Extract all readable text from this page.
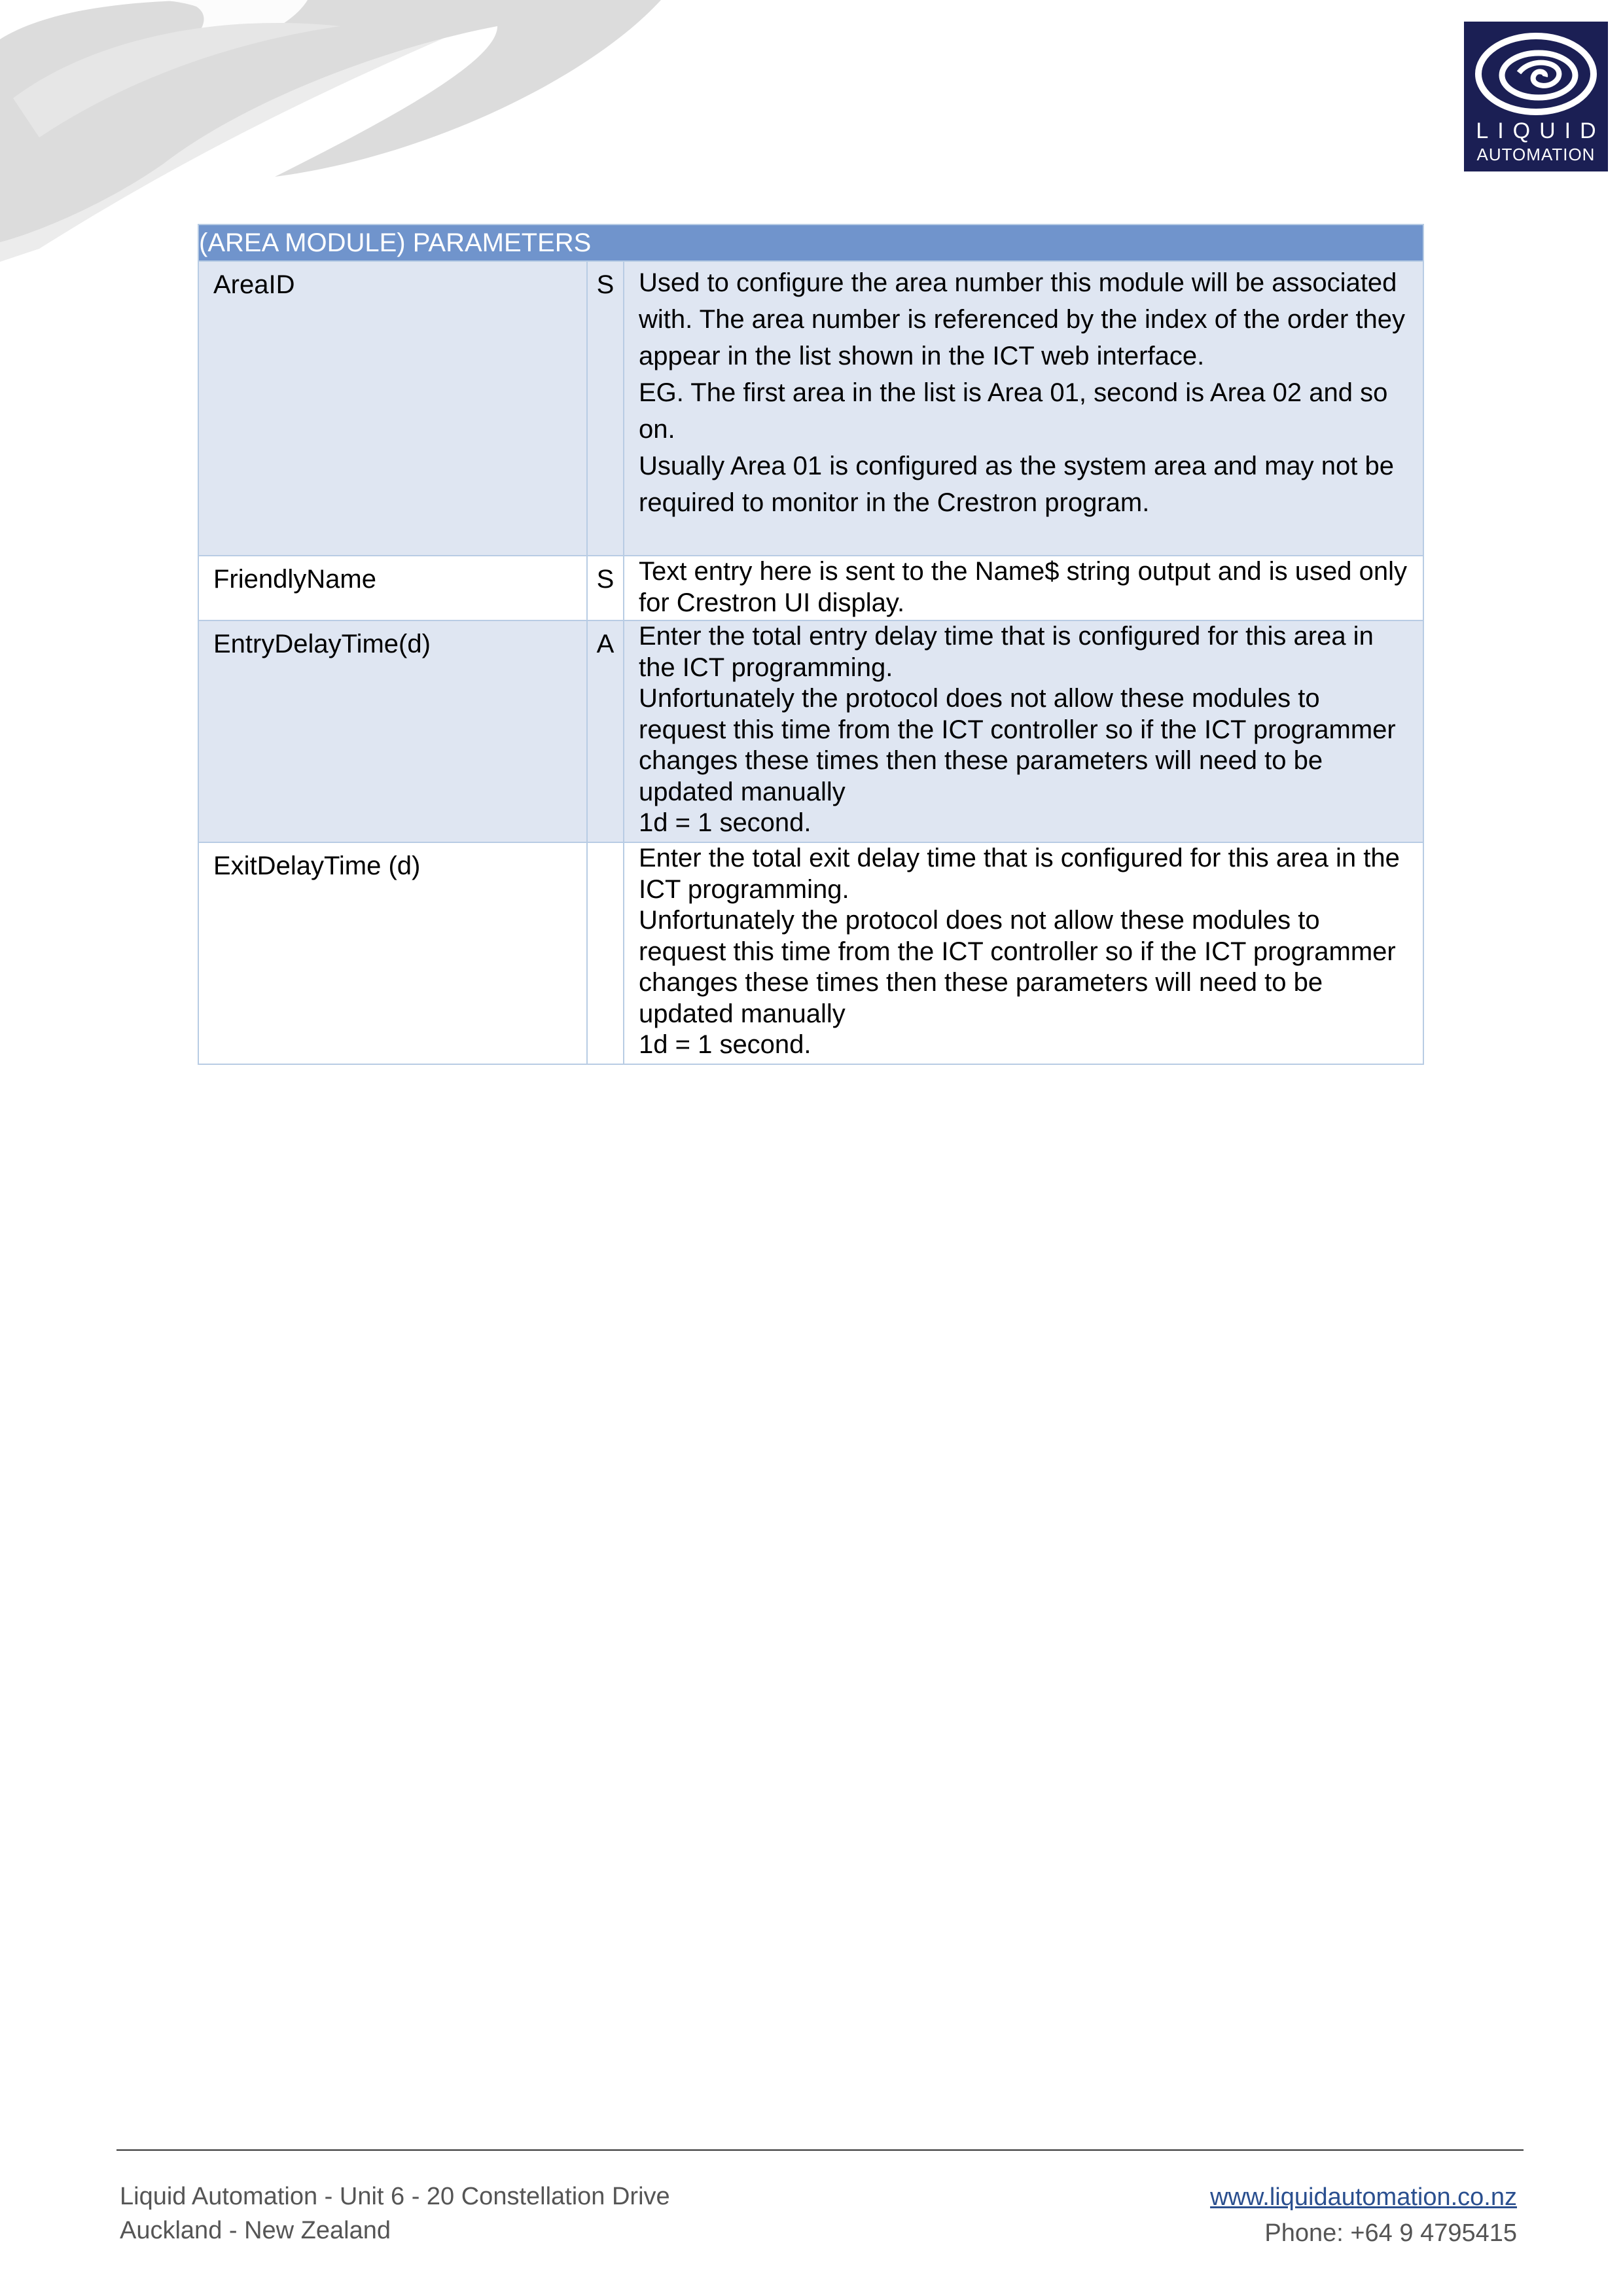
LIQUID
AUTOMATION
(AREA MODULE) PARAMETERS		
AreaID	S	Used to configure the area number this module will be associated with. The area number is referenced by the index of the order they appear in the list shown in the ICT web interface.

EG. The first area in the list is Area 01, second is Area 02 and so on.

Usually Area 01 is configured as the system area and may not be required to monitor in the Crestron program.

FriendlyName	S	Text entry here is sent to the Name$ string output and is used only for Crestron UI display.

EntryDelayTime(d)	A	Enter the total entry delay time that is configured for this area in the ICT programming.

Unfortunately the protocol does not allow these modules to request this time from the ICT controller so if the ICT programmer changes these times then these parameters will need to be updated manually

1d = 1 second.

ExitDelayTime (d)		Enter the total exit delay time that is configured for this area in the ICT programming.

Unfortunately the protocol does not allow these modules to request this time from the ICT controller so if the ICT programmer changes these times then these parameters will need to be updated manually

1d = 1 second.

Liquid Automation - Unit 6 - 20 Constellation Drive
Auckland - New Zealand
www.liquidautomation.co.nz
Phone: +64 9 4795415
